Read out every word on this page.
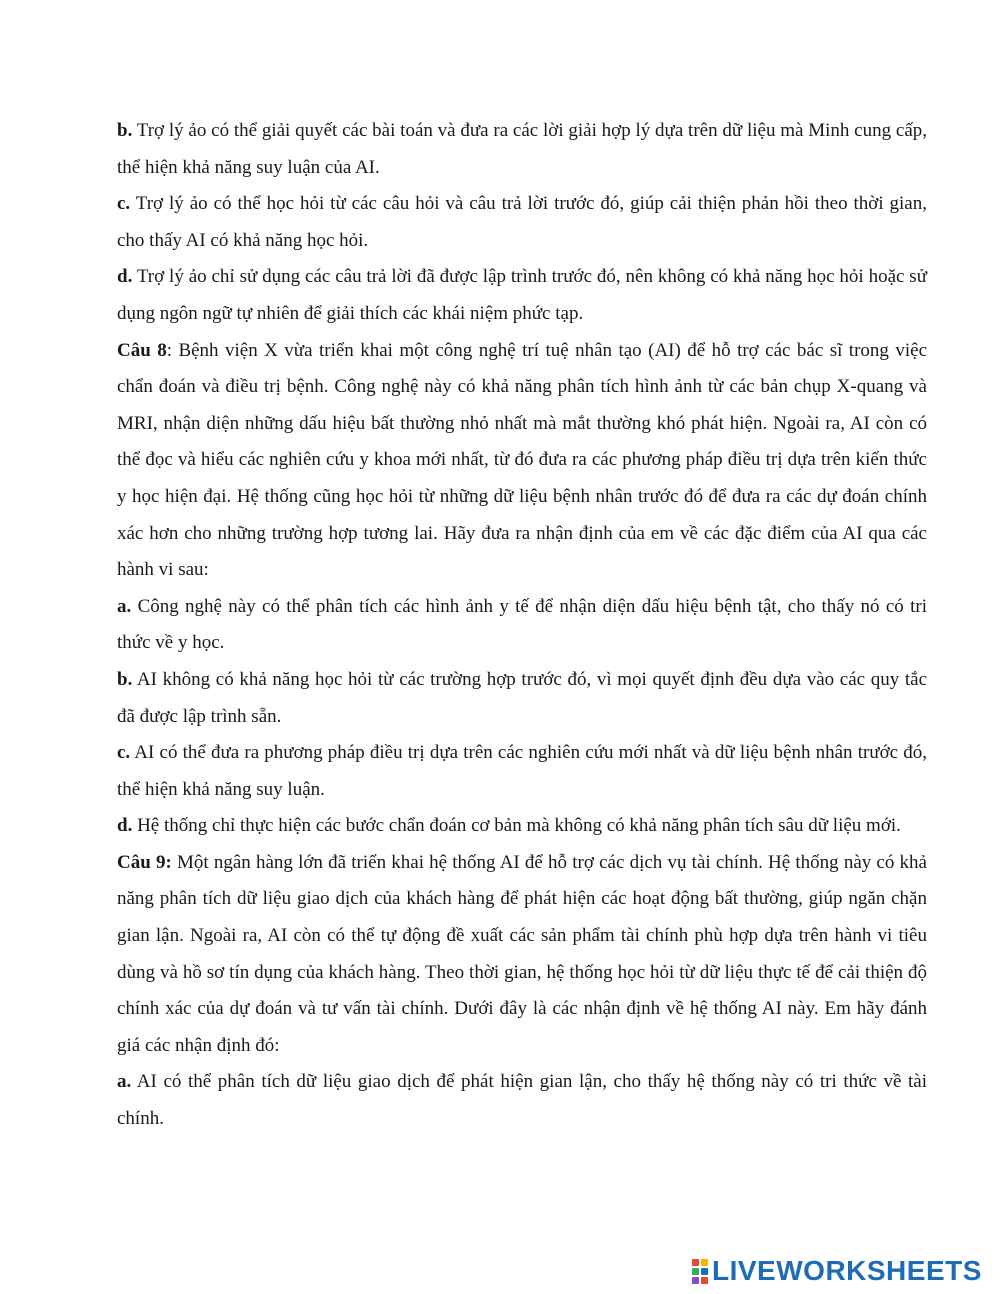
b. Trợ lý ảo có thể giải quyết các bài toán và đưa ra các lời giải hợp lý dựa trên dữ liệu mà Minh cung cấp, thể hiện khả năng suy luận của AI.

c. Trợ lý ảo có thể học hỏi từ các câu hỏi và câu trả lời trước đó, giúp cải thiện phản hồi theo thời gian, cho thấy AI có khả năng học hỏi.

d. Trợ lý ảo chỉ sử dụng các câu trả lời đã được lập trình trước đó, nên không có khả năng học hỏi hoặc sử dụng ngôn ngữ tự nhiên để giải thích các khái niệm phức tạp.

Câu 8: Bệnh viện X vừa triển khai một công nghệ trí tuệ nhân tạo (AI) để hỗ trợ các bác sĩ trong việc chẩn đoán và điều trị bệnh. Công nghệ này có khả năng phân tích hình ảnh từ các bản chụp X-quang và MRI, nhận diện những dấu hiệu bất thường nhỏ nhất mà mắt thường khó phát hiện. Ngoài ra, AI còn có thể đọc và hiểu các nghiên cứu y khoa mới nhất, từ đó đưa ra các phương pháp điều trị dựa trên kiến thức y học hiện đại. Hệ thống cũng học hỏi từ những dữ liệu bệnh nhân trước đó để đưa ra các dự đoán chính xác hơn cho những trường hợp tương lai. Hãy đưa ra nhận định của em về các đặc điểm của AI qua các hành vi sau:

a. Công nghệ này có thể phân tích các hình ảnh y tế để nhận diện dấu hiệu bệnh tật, cho thấy nó có tri thức về y học.

b. AI không có khả năng học hỏi từ các trường hợp trước đó, vì mọi quyết định đều dựa vào các quy tắc đã được lập trình sẵn.

c. AI có thể đưa ra phương pháp điều trị dựa trên các nghiên cứu mới nhất và dữ liệu bệnh nhân trước đó, thể hiện khả năng suy luận.

d. Hệ thống chỉ thực hiện các bước chẩn đoán cơ bản mà không có khả năng phân tích sâu dữ liệu mới.

Câu 9: Một ngân hàng lớn đã triển khai hệ thống AI để hỗ trợ các dịch vụ tài chính. Hệ thống này có khả năng phân tích dữ liệu giao dịch của khách hàng để phát hiện các hoạt động bất thường, giúp ngăn chặn gian lận. Ngoài ra, AI còn có thể tự động đề xuất các sản phẩm tài chính phù hợp dựa trên hành vi tiêu dùng và hồ sơ tín dụng của khách hàng. Theo thời gian, hệ thống học hỏi từ dữ liệu thực tế để cải thiện độ chính xác của dự đoán và tư vấn tài chính. Dưới đây là các nhận định về hệ thống AI này. Em hãy đánh giá các nhận định đó:

a. AI có thể phân tích dữ liệu giao dịch để phát hiện gian lận, cho thấy hệ thống này có tri thức về tài chính.

LIVEWORKSHEETS
